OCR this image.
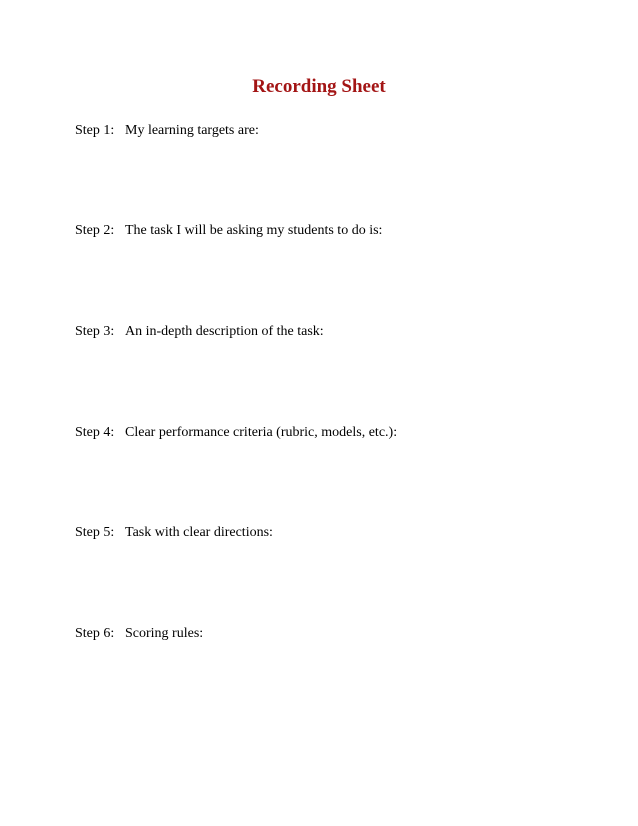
Recording Sheet
Step 1: My learning targets are:
Step 2: The task I will be asking my students to do is:
Step 3: An in-depth description of the task:
Step 4: Clear performance criteria (rubric, models, etc.):
Step 5: Task with clear directions:
Step 6: Scoring rules:
